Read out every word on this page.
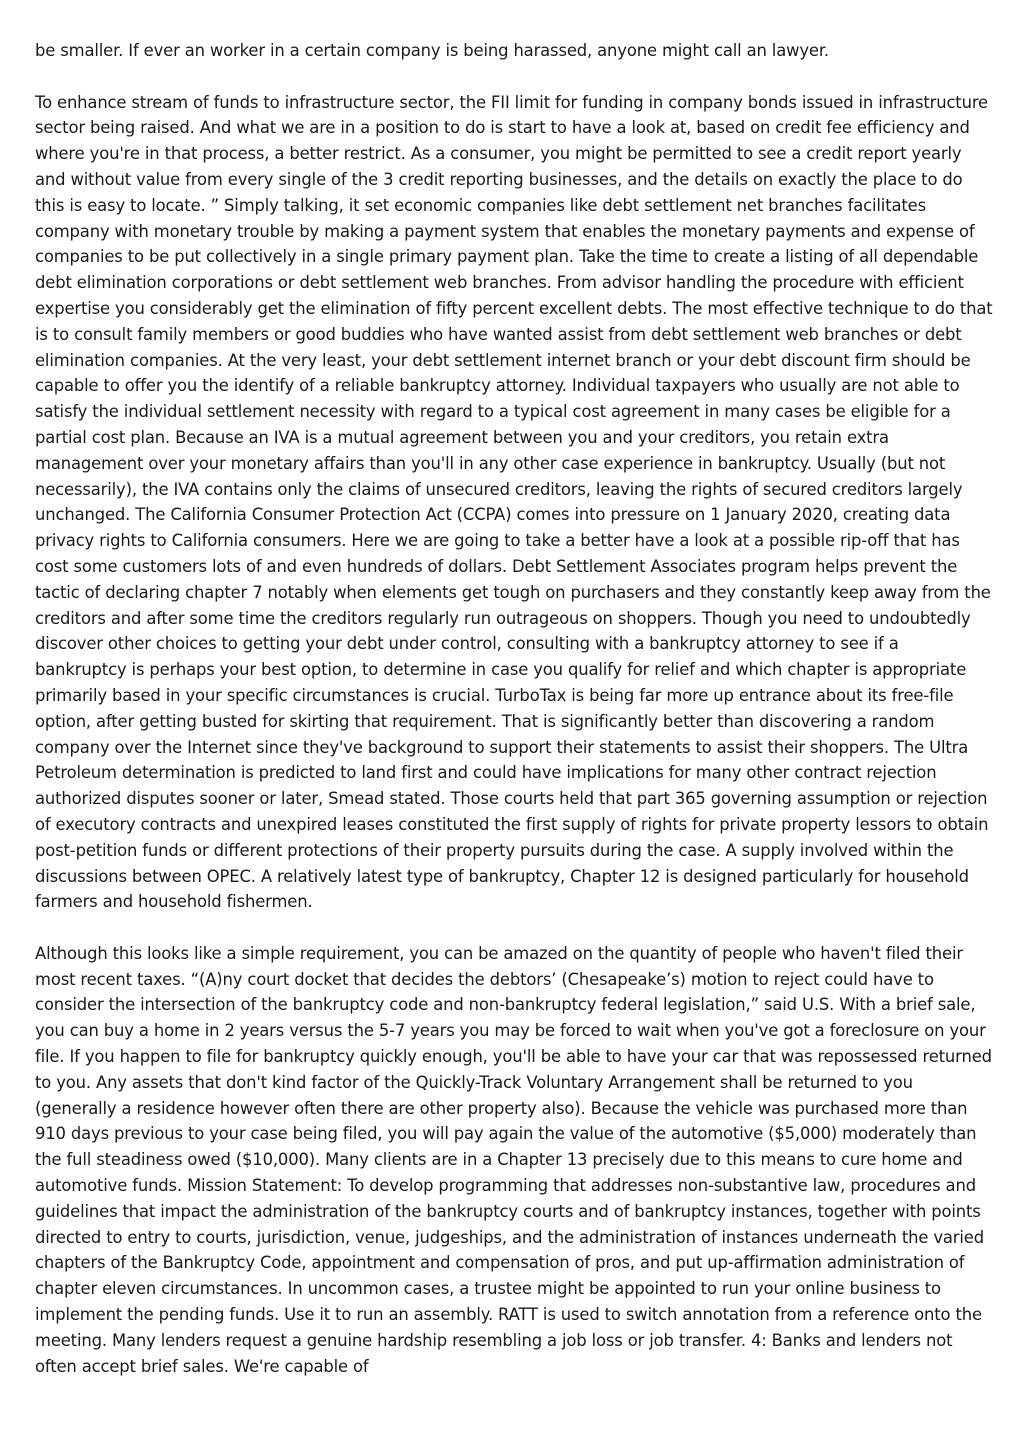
be smaller. If ever an worker in a certain company is being harassed, anyone might call an lawyer.

To enhance stream of funds to infrastructure sector, the FII limit for funding in company bonds issued in infrastructure sector being raised. And what we are in a position to do is start to have a look at, based on credit fee efficiency and where you're in that process, a better restrict. As a consumer, you might be permitted to see a credit report yearly and without value from every single of the 3 credit reporting businesses, and the details on exactly the place to do this is easy to locate. ” Simply talking, it set economic companies like debt settlement net branches facilitates company with monetary trouble by making a payment system that enables the monetary payments and expense of companies to be put collectively in a single primary payment plan. Take the time to create a listing of all dependable debt elimination corporations or debt settlement web branches. From advisor handling the procedure with efficient expertise you considerably get the elimination of fifty percent excellent debts. The most effective technique to do that is to consult family members or good buddies who have wanted assist from debt settlement web branches or debt elimination companies. At the very least, your debt settlement internet branch or your debt discount firm should be capable to offer you the identify of a reliable bankruptcy attorney. Individual taxpayers who usually are not able to satisfy the individual settlement necessity with regard to a typical cost agreement in many cases be eligible for a partial cost plan. Because an IVA is a mutual agreement between you and your creditors, you retain extra management over your monetary affairs than you'll in any other case experience in bankruptcy. Usually (but not necessarily), the IVA contains only the claims of unsecured creditors, leaving the rights of secured creditors largely unchanged. The California Consumer Protection Act (CCPA) comes into pressure on 1 January 2020, creating data privacy rights to California consumers. Here we are going to take a better have a look at a possible rip-off that has cost some customers lots of and even hundreds of dollars. Debt Settlement Associates program helps prevent the tactic of declaring chapter 7 notably when elements get tough on purchasers and they constantly keep away from the creditors and after some time the creditors regularly run outrageous on shoppers. Though you need to undoubtedly discover other choices to getting your debt under control, consulting with a bankruptcy attorney to see if a bankruptcy is perhaps your best option, to determine in case you qualify for relief and which chapter is appropriate primarily based in your specific circumstances is crucial. TurboTax is being far more up entrance about its free-file option, after getting busted for skirting that requirement. That is significantly better than discovering a random company over the Internet since they've background to support their statements to assist their shoppers. The Ultra Petroleum determination is predicted to land first and could have implications for many other contract rejection authorized disputes sooner or later, Smead stated. Those courts held that part 365 governing assumption or rejection of executory contracts and unexpired leases constituted the first supply of rights for private property lessors to obtain post-petition funds or different protections of their property pursuits during the case. A supply involved within the discussions between OPEC. A relatively latest type of bankruptcy, Chapter 12 is designed particularly for household farmers and household fishermen.

Although this looks like a simple requirement, you can be amazed on the quantity of people who haven't filed their most recent taxes. “(A)ny court docket that decides the debtors’ (Chesapeake’s) motion to reject could have to consider the intersection of the bankruptcy code and non-bankruptcy federal legislation,” said U.S. With a brief sale, you can buy a home in 2 years versus the 5-7 years you may be forced to wait when you've got a foreclosure on your file. If you happen to file for bankruptcy quickly enough, you'll be able to have your car that was repossessed returned to you. Any assets that don't kind factor of the Quickly-Track Voluntary Arrangement shall be returned to you (generally a residence however often there are other property also). Because the vehicle was purchased more than 910 days previous to your case being filed, you will pay again the value of the automotive ($5,000) moderately than the full steadiness owed ($10,000). Many clients are in a Chapter 13 precisely due to this means to cure home and automotive funds. Mission Statement: To develop programming that addresses non-substantive law, procedures and guidelines that impact the administration of the bankruptcy courts and of bankruptcy instances, together with points directed to entry to courts, jurisdiction, venue, judgeships, and the administration of instances underneath the varied chapters of the Bankruptcy Code, appointment and compensation of pros, and put up-affirmation administration of chapter eleven circumstances. In uncommon cases, a trustee might be appointed to run your online business to implement the pending funds. Use it to run an assembly. RATT is used to switch annotation from a reference onto the meeting. Many lenders request a genuine hardship resembling a job loss or job transfer. 4: Banks and lenders not often accept brief sales. We're capable of
